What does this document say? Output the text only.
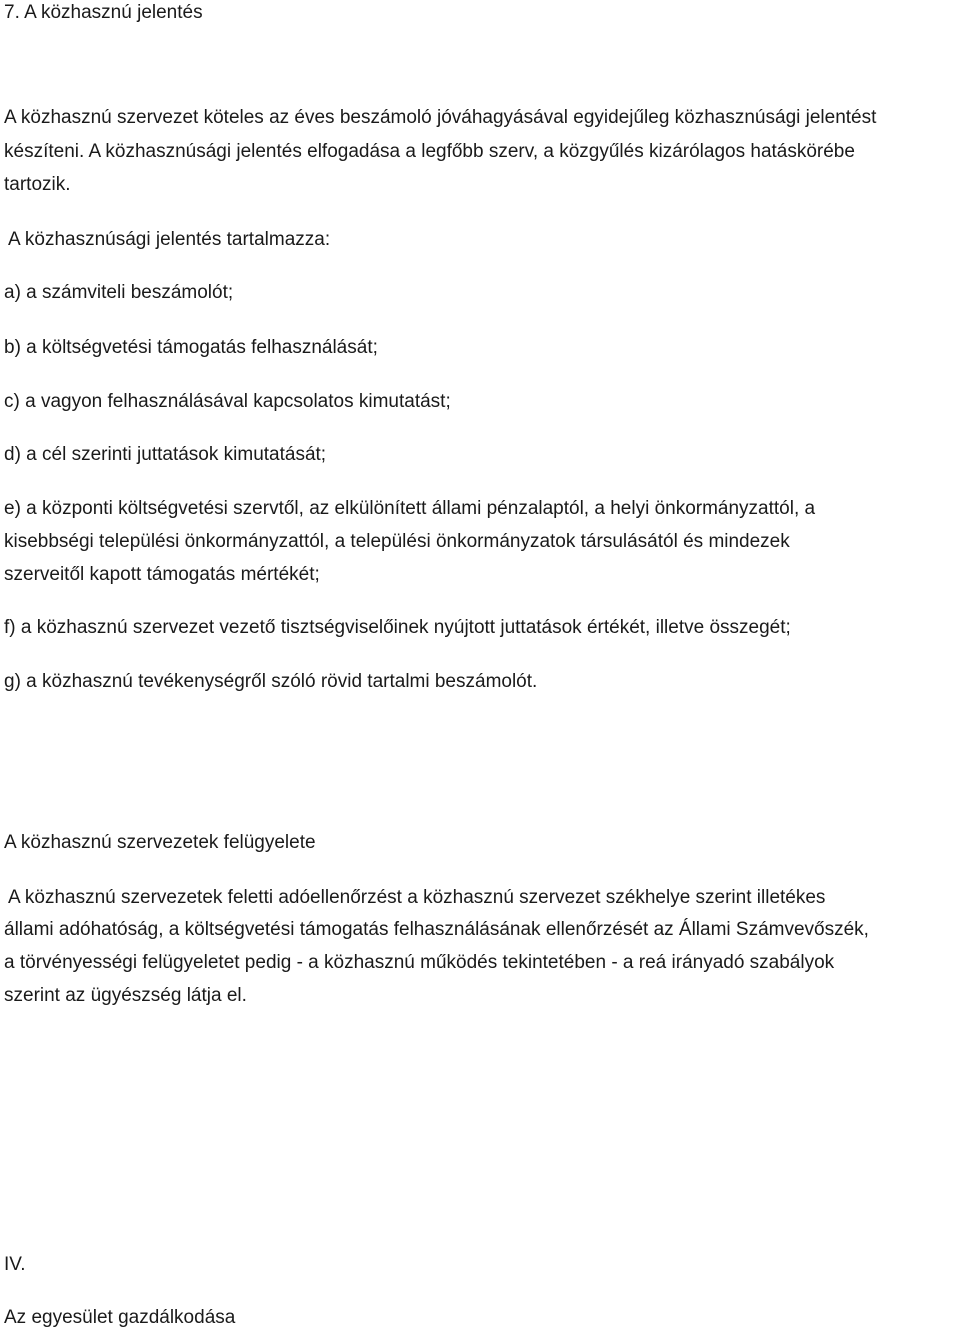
7. A közhasznú jelentés

A közhasznú szervezet köteles az éves beszámoló jóváhagyásával egyidejűleg közhasznúsági jelentést

készíteni. A közhasznúsági jelentés elfogadása a legfőbb szerv, a közgyűlés kizárólagos hatáskörébe

tartozik.

A közhasznúsági jelentés tartalmazza:

a) a számviteli beszámolót;

b) a költségvetési támogatás felhasználását;

c) a vagyon felhasználásával kapcsolatos kimutatást;

d) a cél szerinti juttatások kimutatását;

e) a központi költségvetési szervtől, az elkülönített állami pénzalaptól, a helyi önkormányzattól, a

kisebbségi települési önkormányzattól, a települési önkormányzatok társulásától és mindezek

szerveitől kapott támogatás mértékét;

f) a közhasznú szervezet vezető tisztségviselőinek nyújtott juttatások értékét, illetve összegét;

g) a közhasznú tevékenységről szóló rövid tartalmi beszámolót.

A közhasznú szervezetek felügyelete

A közhasznú szervezetek feletti adóellenőrzést a közhasznú szervezet székhelye szerint illetékes

állami adóhatóság, a költségvetési támogatás felhasználásának ellenőrzését az Állami Számvevőszék,

a törvényességi felügyeletet pedig - a közhasznú működés tekintetében - a reá irányadó szabályok

szerint az ügyészség látja el.

IV.

Az egyesület gazdálkodása
